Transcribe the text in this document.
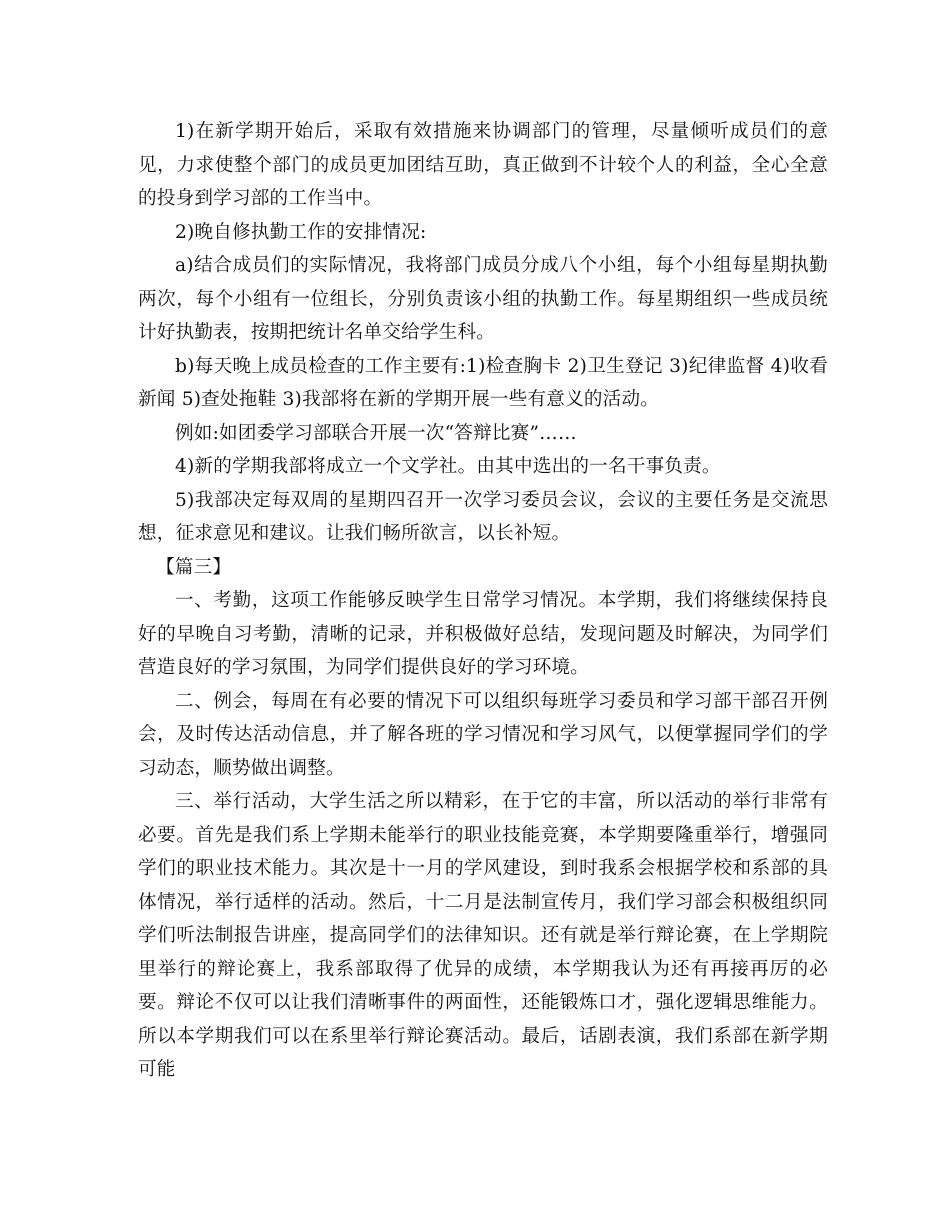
1)在新学期开始后，采取有效措施来协调部门的管理，尽量倾听成员们的意见，力求使整个部门的成员更加团结互助，真正做到不计较个人的利益，全心全意的投身到学习部的工作当中。

2)晚自修执勤工作的安排情况:

a)结合成员们的实际情况，我将部门成员分成八个小组，每个小组每星期执勤两次，每个小组有一位组长，分别负责该小组的执勤工作。每星期组织一些成员统计好执勤表，按期把统计名单交给学生科。

b)每天晚上成员检查的工作主要有:1)检查胸卡 2)卫生登记 3)纪律监督 4)收看新闻 5)查处拖鞋 3)我部将在新的学期开展一些有意义的活动。

例如:如团委学习部联合开展一次“答辩比赛”……

4)新的学期我部将成立一个文学社。由其中选出的一名干事负责。

5)我部决定每双周的星期四召开一次学习委员会议，会议的主要任务是交流思想，征求意见和建议。让我们畅所欲言，以长补短。

【篇三】

一、考勤，这项工作能够反映学生日常学习情况。本学期，我们将继续保持良好的早晚自习考勤，清晰的记录，并积极做好总结，发现问题及时解决，为同学们营造良好的学习氛围，为同学们提供良好的学习环境。

二、例会，每周在有必要的情况下可以组织每班学习委员和学习部干部召开例会，及时传达活动信息，并了解各班的学习情况和学习风气，以便掌握同学们的学习动态，顺势做出调整。

三、举行活动，大学生活之所以精彩，在于它的丰富，所以活动的举行非常有必要。首先是我们系上学期未能举行的职业技能竞赛，本学期要隆重举行，增强同学们的职业技术能力。其次是十一月的学风建设，到时我系会根据学校和系部的具体情况，举行适样的活动。然后，十二月是法制宣传月，我们学习部会积极组织同学们听法制报告讲座，提高同学们的法律知识。还有就是举行辩论赛，在上学期院里举行的辩论赛上，我系部取得了优异的成绩，本学期我认为还有再接再厉的必要。辩论不仅可以让我们清晰事件的两面性，还能锻炼口才，强化逻辑思维能力。所以本学期我们可以在系里举行辩论赛活动。最后，话剧表演，我们系部在新学期可能
